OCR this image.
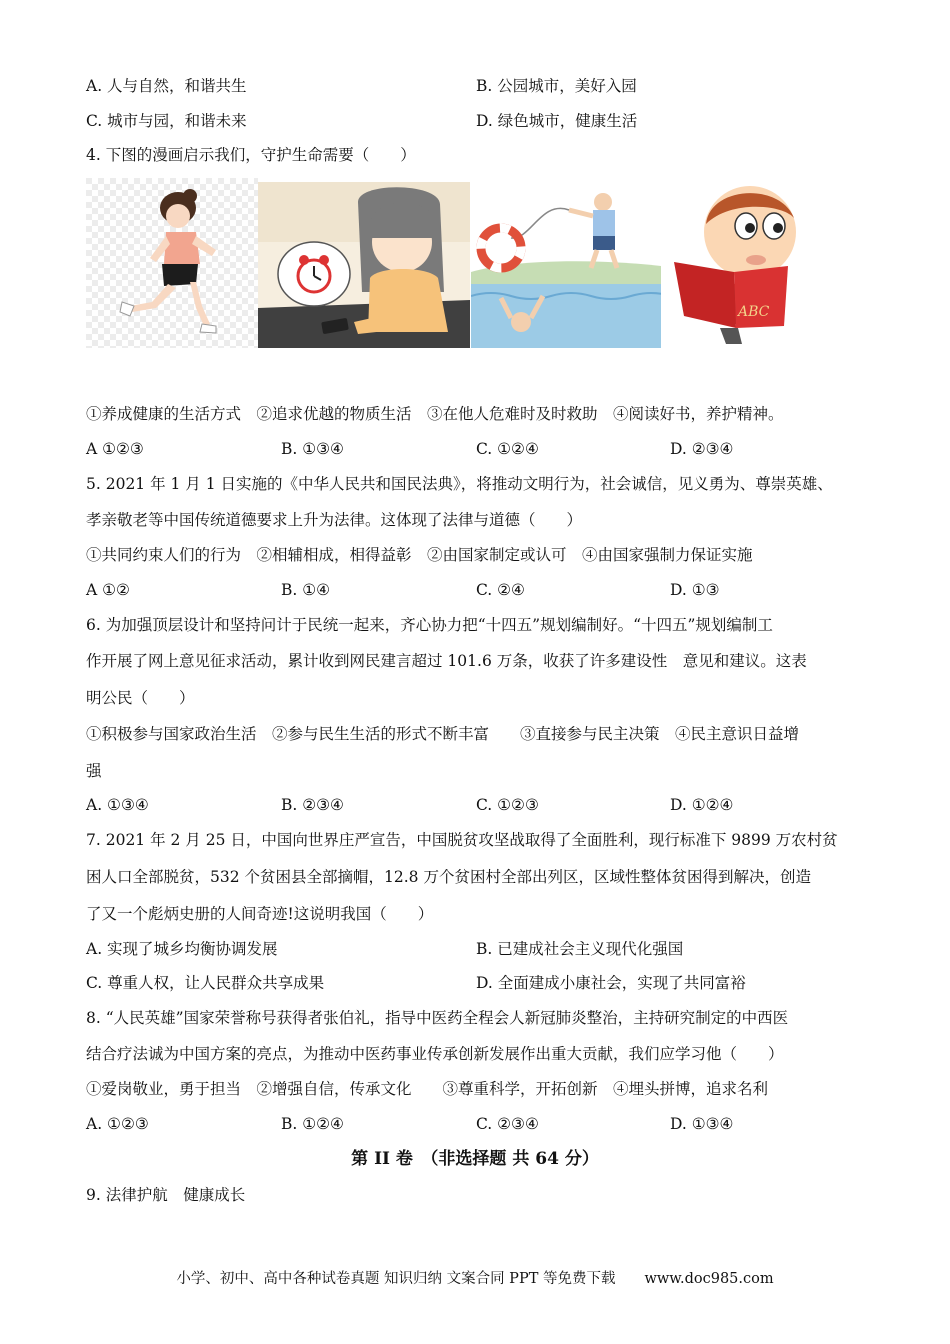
A. 人与自然，和谐共生	B. 公园城市，美好入园
C. 城市与园，和谐未来	D. 绿色城市，健康生活
4. 下图的漫画启示我们，守护生命需要（　　）
ABC
①养成健康的生活方式　②追求优越的物质生活　③在他人危难时及时救助　④阅读好书，养护精神。
A ①②③	B. ①③④	C. ①②④	D. ②③④
5. 2021 年 1 月 1 日实施的《中华人民共和国民法典》，将推动文明行为，社会诚信，见义勇为、尊崇英雄、
孝亲敬老等中国传统道德要求上升为法律。这体现了法律与道德（　　）
①共同约束人们的行为　②相辅相成，相得益彰　②由国家制定或认可　④由国家强制力保证实施
A ①②	B. ①④	C. ②④	D. ①③
6. 为加强顶层设计和坚持问计于民统一起来，齐心协力把“十四五”规划编制好。“十四五”规划编制工
作开展了网上意见征求活动，累计收到网民建言超过 101.6 万条，收获了许多建设性　意见和建议。这表
明公民（　　）
①积极参与国家政治生活　②参与民生生活的形式不断丰富　　③直接参与民主决策　④民主意识日益增
强
A. ①③④	B. ②③④	C. ①②③	D. ①②④
7. 2021 年 2 月 25 日，中国向世界庄严宣告，中国脱贫攻坚战取得了全面胜利，现行标准下 9899 万农村贫
困人口全部脱贫，532 个贫困县全部摘帽，12.8 万个贫困村全部出列区，区域性整体贫困得到解决，创造
了又一个彪炳史册的人间奇迹!这说明我国（　　）
A. 实现了城乡均衡协调发展	B. 已建成社会主义现代化强国
C. 尊重人权，让人民群众共享成果	D. 全面建成小康社会，实现了共同富裕
8. “人民英雄”国家荣誉称号获得者张伯礼，指导中医药全程会人新冠肺炎整治，主持研究制定的中西医
结合疗法诚为中国方案的亮点，为推动中医药事业传承创新发展作出重大贡献，我们应学习他（　　）
①爱岗敬业，勇于担当　②增强自信，传承文化　　③尊重科学，开拓创新　④埋头拼博，追求名利
A. ①②③	B. ①②④	C. ②③④	D. ①③④
第 II 卷　（非选择题 共 64 分）
9. 法律护航　健康成长
小学、初中、高中各种试卷真题 知识归纳 文案合同 PPT 等免费下载　　www.doc985.com
